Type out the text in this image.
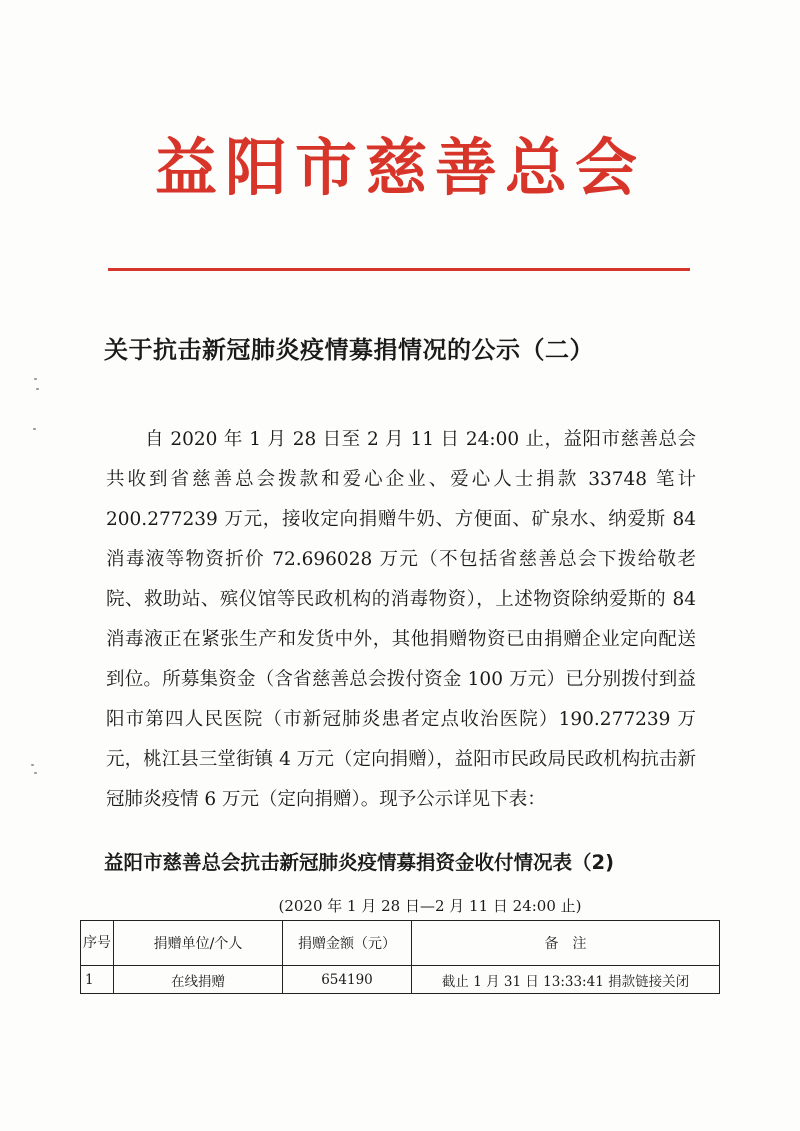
益阳市慈善总会
关于抗击新冠肺炎疫情募捐情况的公示（二）
自 2020 年 1 月 28 日至 2 月 11 日 24:00 止，益阳市慈善总会共收到省慈善总会拨款和爱心企业、爱心人士捐款 33748 笔计 200.277239 万元，接收定向捐赠牛奶、方便面、矿泉水、纳爱斯 84 消毒液等物资折价 72.696028 万元（不包括省慈善总会下拨给敬老院、救助站、殡仪馆等民政机构的消毒物资），上述物资除纳爱斯的 84 消毒液正在紧张生产和发货中外，其他捐赠物资已由捐赠企业定向配送到位。所募集资金（含省慈善总会拨付资金 100 万元）已分别拨付到益阳市第四人民医院（市新冠肺炎患者定点收治医院）190.277239 万元，桃江县三堂街镇 4 万元（定向捐赠），益阳市民政局民政机构抗击新冠肺炎疫情 6 万元（定向捐赠）。现予公示详见下表：
益阳市慈善总会抗击新冠肺炎疫情募捐资金收付情况表（2)
(2020 年 1 月 28 日—2 月 11 日 24:00 止)
序号	捐赠单位/个人	捐赠金额（元）	备　注
1	在线捐赠	654190	截止 1 月 31 日 13:33:41 捐款链接关闭
